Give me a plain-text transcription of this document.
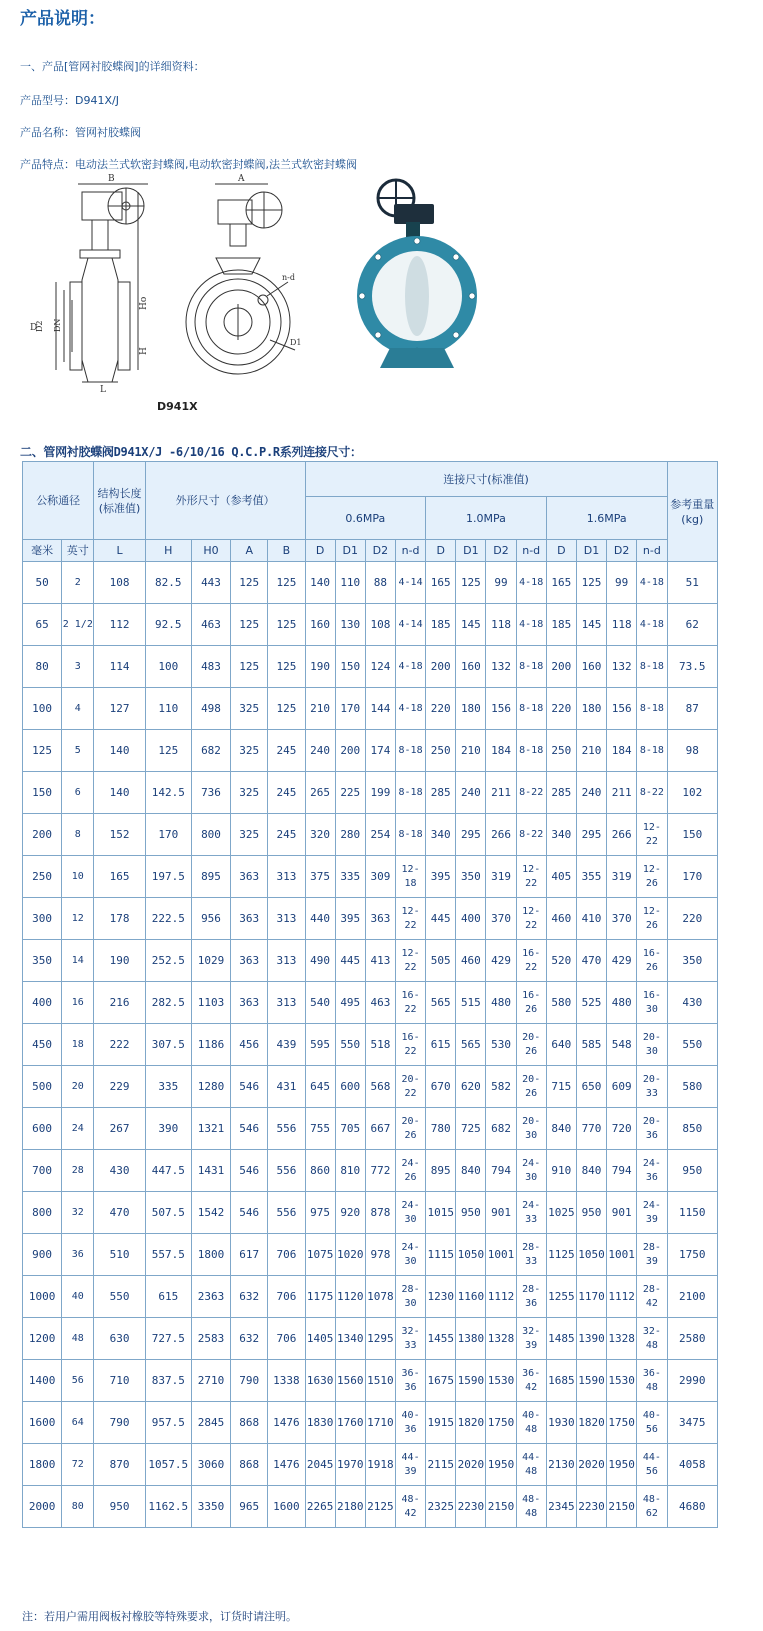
产品说明：
一、产品[管网衬胶蝶阀]的详细资料：
产品型号：D941X/J
产品名称：管网衬胶蝶阀
产品特点：电动法兰式软密封蝶阀,电动软密封蝶阀,法兰式软密封蝶阀
B
D
D2 DN
Ho
H
L
A
n-d
D1
D941X
二、管网衬胶蝶阀D941X/J -6/10/16 Q.C.P.R系列连接尺寸：
公称通径		结构长度(标准值)	外形尺寸（参考值）				连接尺寸(标准值)												参考重量(kg)
							0.6MPa				1.0MPa				1.6MPa				
毫米	英寸	L	H	H0	A	B	D	D1	D2	n-d	D	D1	D2	n-d	D	D1	D2	n-d	
50	2	108	82.5	443	125	125	140	110	88	4-14	165	125	99	4-18	165	125	99	4-18	51
65	2 1/2	112	92.5	463	125	125	160	130	108	4-14	185	145	118	4-18	185	145	118	4-18	62
80	3	114	100	483	125	125	190	150	124	4-18	200	160	132	8-18	200	160	132	8-18	73.5
100	4	127	110	498	325	125	210	170	144	4-18	220	180	156	8-18	220	180	156	8-18	87
125	5	140	125	682	325	245	240	200	174	8-18	250	210	184	8-18	250	210	184	8-18	98
150	6	140	142.5	736	325	245	265	225	199	8-18	285	240	211	8-22	285	240	211	8-22	102
200	8	152	170	800	325	245	320	280	254	8-18	340	295	266	8-22	340	295	266	12-22	150
250	10	165	197.5	895	363	313	375	335	309	12-18	395	350	319	12-22	405	355	319	12-26	170
300	12	178	222.5	956	363	313	440	395	363	12-22	445	400	370	12-22	460	410	370	12-26	220
350	14	190	252.5	1029	363	313	490	445	413	12-22	505	460	429	16-22	520	470	429	16-26	350
400	16	216	282.5	1103	363	313	540	495	463	16-22	565	515	480	16-26	580	525	480	16-30	430
450	18	222	307.5	1186	456	439	595	550	518	16-22	615	565	530	20-26	640	585	548	20-30	550
500	20	229	335	1280	546	431	645	600	568	20-22	670	620	582	20-26	715	650	609	20-33	580
600	24	267	390	1321	546	556	755	705	667	20-26	780	725	682	20-30	840	770	720	20-36	850
700	28	430	447.5	1431	546	556	860	810	772	24-26	895	840	794	24-30	910	840	794	24-36	950
800	32	470	507.5	1542	546	556	975	920	878	24-30	1015	950	901	24-33	1025	950	901	24-39	1150
900	36	510	557.5	1800	617	706	1075	1020	978	24-30	1115	1050	1001	28-33	1125	1050	1001	28-39	1750
1000	40	550	615	2363	632	706	1175	1120	1078	28-30	1230	1160	1112	28-36	1255	1170	1112	28-42	2100
1200	48	630	727.5	2583	632	706	1405	1340	1295	32-33	1455	1380	1328	32-39	1485	1390	1328	32-48	2580
1400	56	710	837.5	2710	790	1338	1630	1560	1510	36-36	1675	1590	1530	36-42	1685	1590	1530	36-48	2990
1600	64	790	957.5	2845	868	1476	1830	1760	1710	40-36	1915	1820	1750	40-48	1930	1820	1750	40-56	3475
1800	72	870	1057.5	3060	868	1476	2045	1970	1918	44-39	2115	2020	1950	44-48	2130	2020	1950	44-56	4058
2000	80	950	1162.5	3350	965	1600	2265	2180	2125	48-42	2325	2230	2150	48-48	2345	2230	2150	48-62	4680
注：若用户需用阀板衬橡胶等特殊要求，订货时请注明。
